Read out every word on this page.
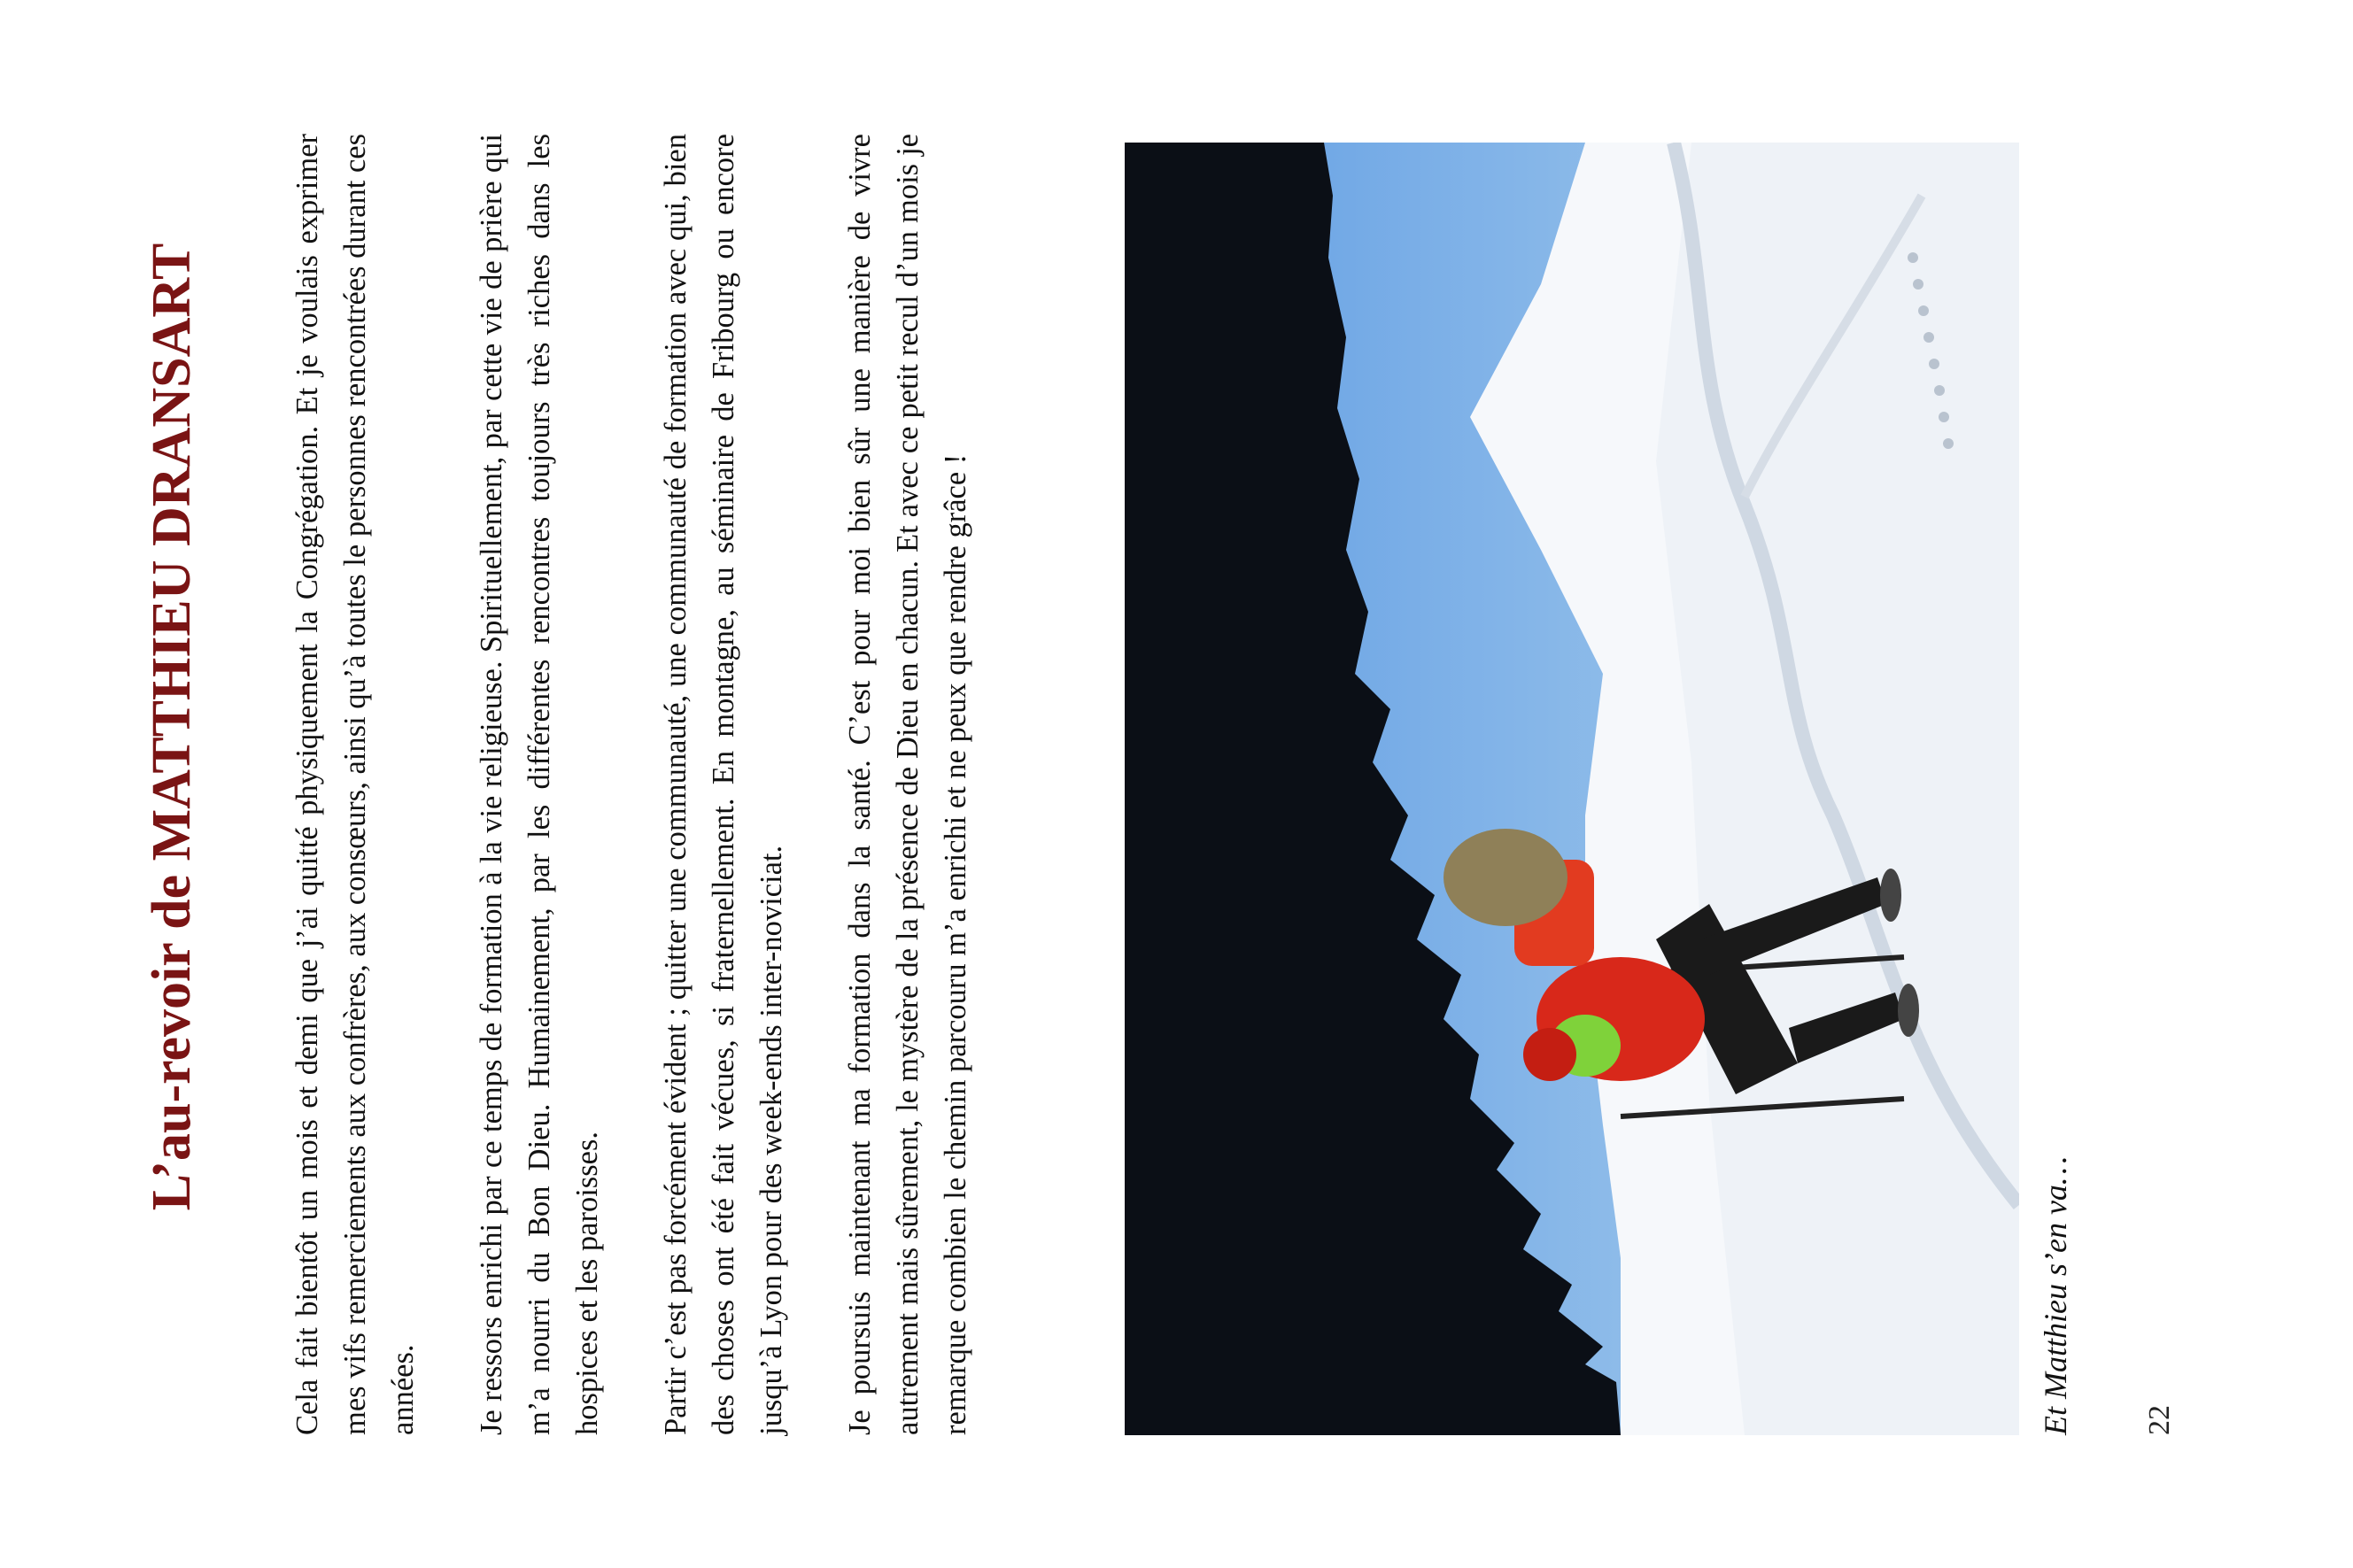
L’au-revoir de MATTHIEU DRANSART	Cela fait bientôt un mois et demi que j’ai quitté physiquement la Congrégation. Et je voulais exprimer mes vifs remerciements aux confrères, aux consœurs, ainsi qu’à toutes le personnes rencontrées durant ces années. Je ressors enrichi par ce temps de formation à la vie religieuse. Spirituellement, par cette vie de prière qui m’a nourri du Bon Dieu. Humainement, par les différentes rencontres toujours très riches dans les hospices et les paroisses. Partir c’est pas forcément évident ; quitter une communauté, une communauté de formation avec qui, bien des choses ont été fait vécues, si fraternellement. En montagne, au séminaire de Fribourg ou encore jusqu’à Lyon pour des week-ends inter-noviciat. Je poursuis maintenant ma formation dans la santé. C’est pour moi bien sûr une manière de vivre autrement mais sûrement, le mystère de la présence de Dieu en chacun. Et avec ce petit recul d’un mois je remarque combien le chemin parcouru m’a enrichi et ne peux que rendre grâce !	Et Matthieu s’en va… 22
